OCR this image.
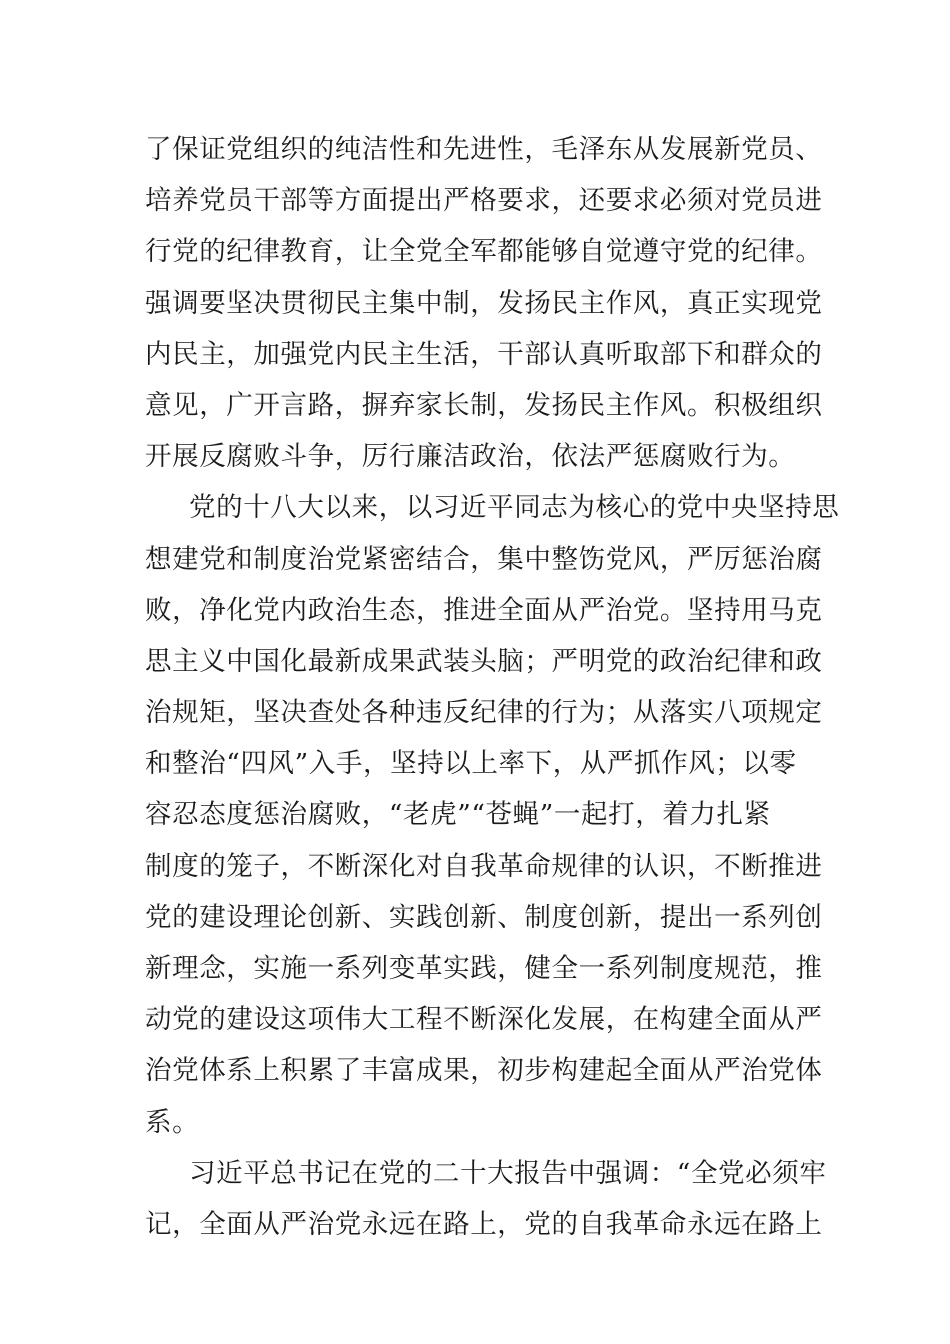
了保证党组织的纯洁性和先进性，毛泽东从发展新党员、
培养党员干部等方面提出严格要求，还要求必须对党员进
行党的纪律教育，让全党全军都能够自觉遵守党的纪律。
强调要坚决贯彻民主集中制，发扬民主作风，真正实现党
内民主，加强党内民主生活，干部认真听取部下和群众的
意见，广开言路，摒弃家长制，发扬民主作风。积极组织
开展反腐败斗争，厉行廉洁政治，依法严惩腐败行为。
党的十八大以来，以习近平同志为核心的党中央坚持思
想建党和制度治党紧密结合，集中整饬党风，严厉惩治腐
败，净化党内政治生态，推进全面从严治党。坚持用马克
思主义中国化最新成果武装头脑；严明党的政治纪律和政
治规矩，坚决查处各种违反纪律的行为；从落实八项规定
和整治“四风”入手，坚持以上率下，从严抓作风；以零
容忍态度惩治腐败，“老虎”“苍蝇”一起打，着力扎紧
制度的笼子，不断深化对自我革命规律的认识，不断推进
党的建设理论创新、实践创新、制度创新，提出一系列创
新理念，实施一系列变革实践，健全一系列制度规范，推
动党的建设这项伟大工程不断深化发展，在构建全面从严
治党体系上积累了丰富成果，初步构建起全面从严治党体
系。
习近平总书记在党的二十大报告中强调：“全党必须牢
记，全面从严治党永远在路上，党的自我革命永远在路上
